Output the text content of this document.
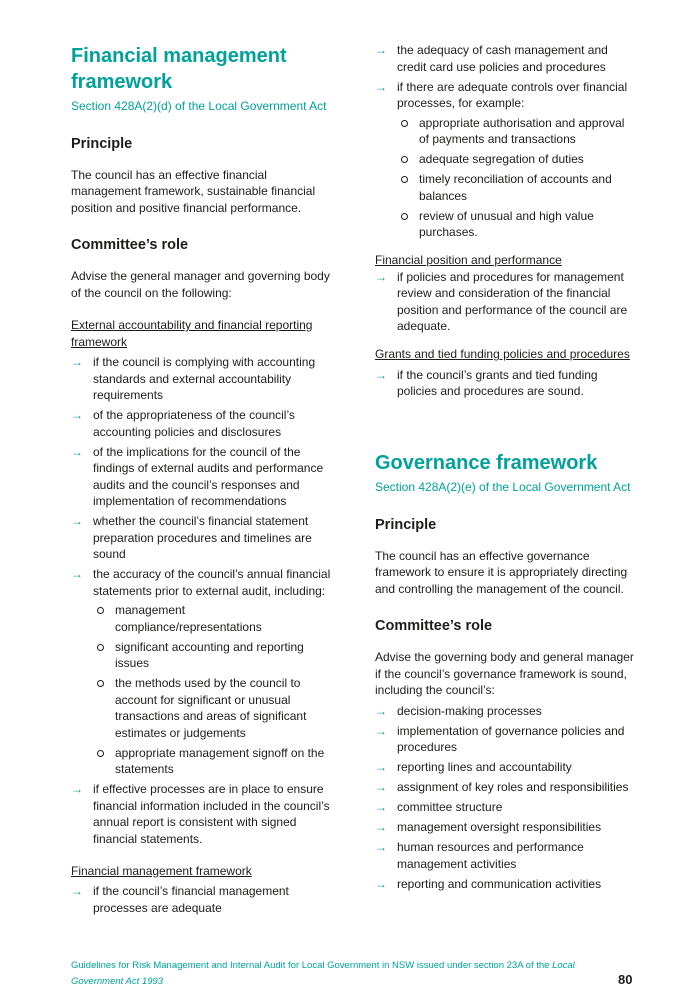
Financial management framework

Section 428A(2)(d) of the Local Government Act

Principle

The council has an effective financial management framework, sustainable financial position and positive financial performance.

Committee’s role

Advise the general manager and governing body of the council on the following:

External accountability and financial reporting framework

→ if the council is complying with accounting standards and external accountability requirements
→ of the appropriateness of the council’s accounting policies and disclosures
→ of the implications for the council of the findings of external audits and performance audits and the council’s responses and implementation of recommendations
→ whether the council’s financial statement preparation procedures and timelines are sound
→ the accuracy of the council’s annual financial statements prior to external audit, including:
management compliance/representations
significant accounting and reporting issues
the methods used by the council to account for significant or unusual transactions and areas of significant estimates or judgements
appropriate management signoff on the statements
→ if effective processes are in place to ensure financial information included in the council’s annual report is consistent with signed financial statements.

Financial management framework

→ if the council’s financial management processes are adequate
→ the adequacy of cash management and credit card use policies and procedures
→ if there are adequate controls over financial processes, for example:
appropriate authorisation and approval of payments and transactions
adequate segregation of duties
timely reconciliation of accounts and balances
review of unusual and high value purchases.

Financial position and performance

→ if policies and procedures for management review and consideration of the financial position and performance of the council are adequate.

Grants and tied funding policies and procedures

→ if the council’s grants and tied funding policies and procedures are sound.
Governance framework

Section 428A(2)(e) of the Local Government Act

Principle

The council has an effective governance framework to ensure it is appropriately directing and controlling the management of the council.

Committee’s role

Advise the governing body and general manager if the council’s governance framework is sound, including the council’s:

→ decision-making processes
→ implementation of governance policies and procedures
→ reporting lines and accountability
→ assignment of key roles and responsibilities
→ committee structure
→ management oversight responsibilities
→ human resources and performance management activities
→ reporting and communication activities
Guidelines for Risk Management and Internal Audit for Local Government in NSW issued under section 23A of the Local Government Act 1993	80
